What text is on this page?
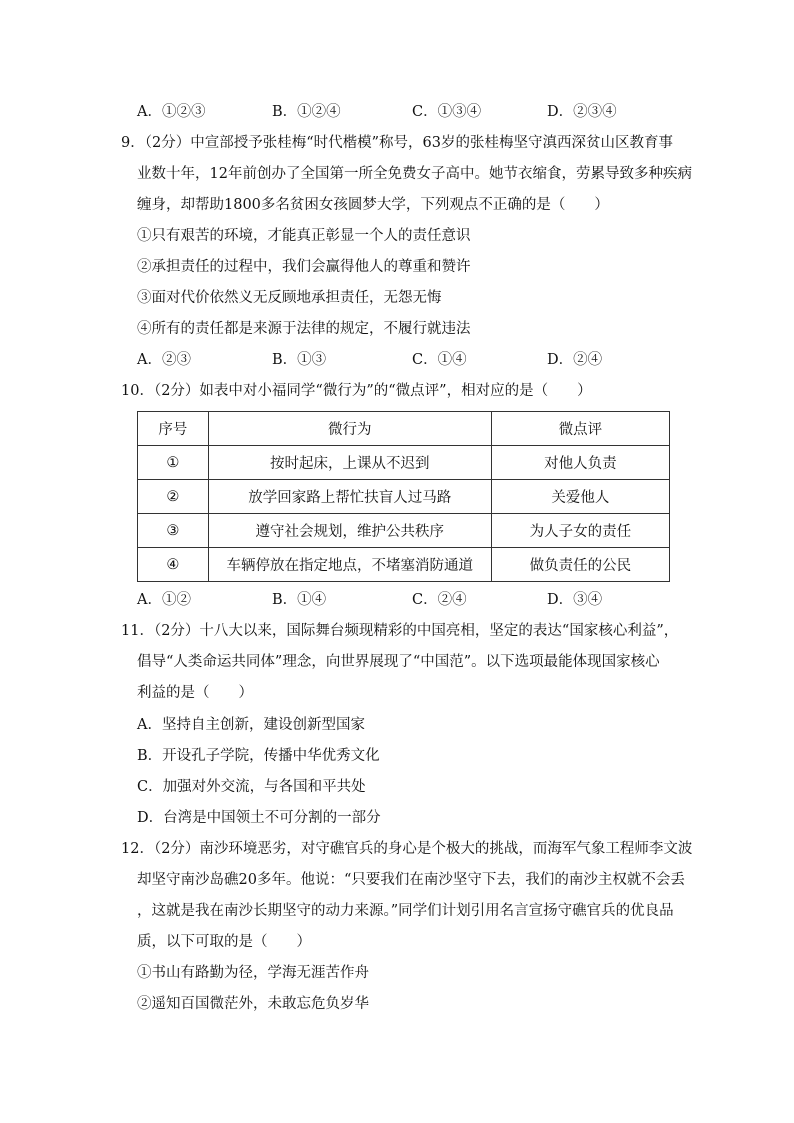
A．①②③	B．①②④	C．①③④	D．②③④
9．（2分）中宣部授予张桂梅“时代楷模”称号，63岁的张桂梅坚守滇西深贫山区教育事
业数十年，12年前创办了全国第一所全免费女子高中。她节衣缩食，劳累导致多种疾病
缠身，却帮助1800多名贫困女孩圆梦大学，下列观点不正确的是（　　）
①只有艰苦的环境，才能真正彰显一个人的责任意识
②承担责任的过程中，我们会赢得他人的尊重和赞许
③面对代价依然义无反顾地承担责任，无怨无悔
④所有的责任都是来源于法律的规定，不履行就违法
A．②③	B．①③	C．①④	D．②④
10．（2分）如表中对小福同学“微行为”的“微点评”，相对应的是（　　）
序号	微行为	微点评
①	按时起床，上课从不迟到	对他人负责
②	放学回家路上帮忙扶盲人过马路	关爱他人
③	遵守社会规划，维护公共秩序	为人子女的责任
④	车辆停放在指定地点，不堵塞消防通道	做负责任的公民
A．①②	B．①④	C．②④	D．③④
11．（2分）十八大以来，国际舞台频现精彩的中国亮相，坚定的表达“国家核心利益”，
倡导“人类命运共同体”理念，向世界展现了“中国范”。以下选项最能体现国家核心
利益的是（　　）
A．坚持自主创新，建设创新型国家
B．开设孔子学院，传播中华优秀文化
C．加强对外交流，与各国和平共处
D．台湾是中国领土不可分割的一部分
12．（2分）南沙环境恶劣，对守礁官兵的身心是个极大的挑战，而海军气象工程师李文波
却坚守南沙岛礁20多年。他说：“只要我们在南沙坚守下去，我们的南沙主权就不会丢
，这就是我在南沙长期坚守的动力来源。”同学们计划引用名言宣扬守礁官兵的优良品
质，以下可取的是（　　）
①书山有路勤为径，学海无涯苦作舟
②遥知百国微茫外，未敢忘危负岁华
